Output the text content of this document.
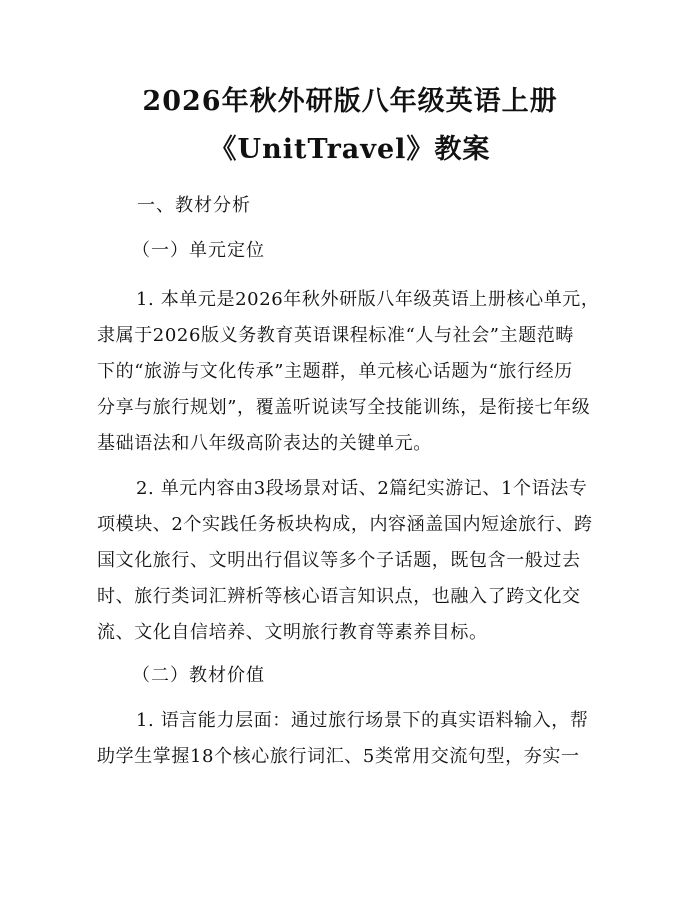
2026年秋外研版八年级英语上册
《UnitTravel》教案
一、教材分析
（一）单元定位
1. 本单元是2026年秋外研版八年级英语上册核心单元，
隶属于2026版义务教育英语课程标准“人与社会”主题范畴
下的“旅游与文化传承”主题群，单元核心话题为“旅行经历
分享与旅行规划”，覆盖听说读写全技能训练，是衔接七年级
基础语法和八年级高阶表达的关键单元。
2. 单元内容由3段场景对话、2篇纪实游记、1个语法专
项模块、2个实践任务板块构成，内容涵盖国内短途旅行、跨
国文化旅行、文明出行倡议等多个子话题，既包含一般过去
时、旅行类词汇辨析等核心语言知识点，也融入了跨文化交
流、文化自信培养、文明旅行教育等素养目标。
（二）教材价值
1. 语言能力层面：通过旅行场景下的真实语料输入，帮
助学生掌握18个核心旅行词汇、5类常用交流句型，夯实一
